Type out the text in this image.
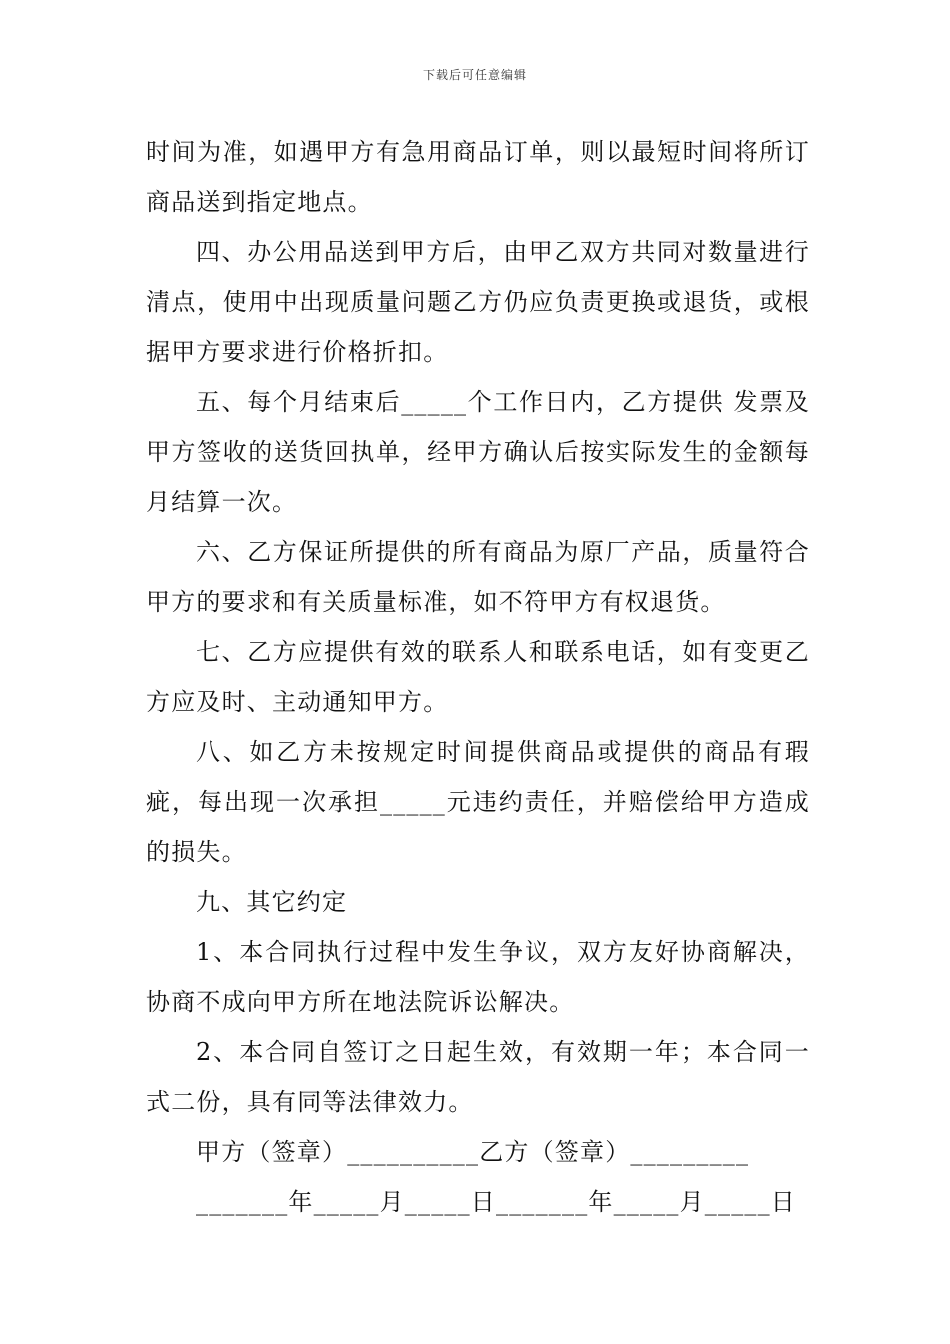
下载后可任意编辑

时间为准，如遇甲方有急用商品订单，则以最短时间将所订商品送到指定地点。

四、办公用品送到甲方后，由甲乙双方共同对数量进行清点，使用中出现质量问题乙方仍应负责更换或退货，或根据甲方要求进行价格折扣。

五、每个月结束后_____个工作日内，乙方提供 发票及甲方签收的送货回执单，经甲方确认后按实际发生的金额每月结算一次。

六、乙方保证所提供的所有商品为原厂产品，质量符合甲方的要求和有关质量标准，如不符甲方有权退货。

七、乙方应提供有效的联系人和联系电话，如有变更乙方应及时、主动通知甲方。

八、如乙方未按规定时间提供商品或提供的商品有瑕疵，每出现一次承担_____元违约责任，并赔偿给甲方造成的损失。

九、其它约定

1、本合同执行过程中发生争议，双方友好协商解决，协商不成向甲方所在地法院诉讼解决。

2、本合同自签订之日起生效，有效期一年；本合同一式二份，具有同等法律效力。

甲方（签章）__________乙方（签章）_________

_______年_____月_____日_______年_____月_____日
